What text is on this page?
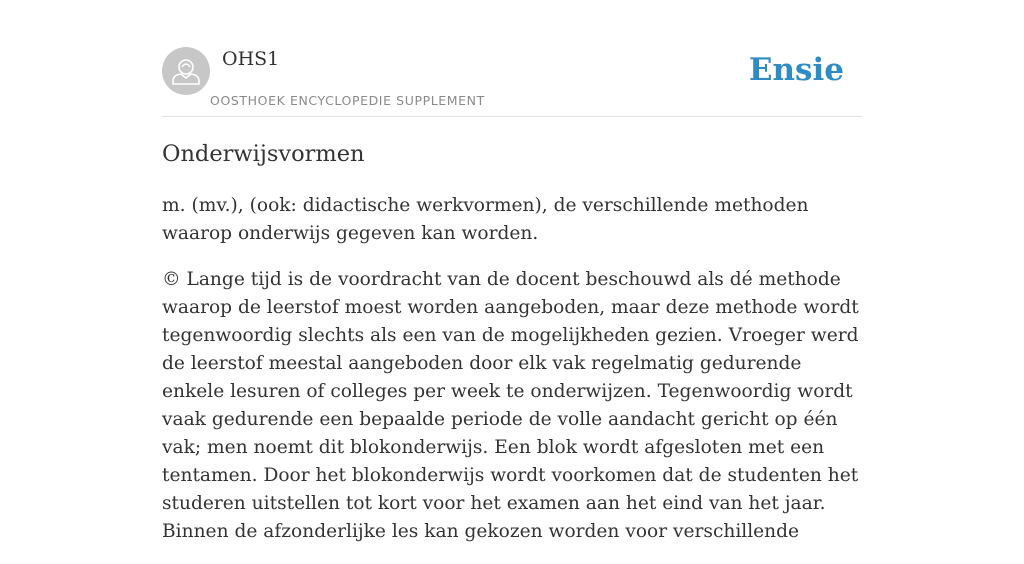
OHS1
OOSTHOEK ENCYCLOPEDIE SUPPLEMENT
Ensie
Onderwijsvormen

m. (mv.), (ook: didactische werkvormen), de verschillende methoden waarop onderwijs gegeven kan worden.

© Lange tijd is de voordracht van de docent beschouwd als dé methode waarop de leerstof moest worden aangeboden, maar deze methode wordt tegenwoordig slechts als een van de mogelijkheden gezien. Vroeger werd de leerstof meestal aangeboden door elk vak regelmatig gedurende enkele lesuren of colleges per week te onderwijzen. Tegenwoordig wordt vaak gedurende een bepaalde periode de volle aandacht gericht op één vak; men noemt dit blokonderwijs. Een blok wordt afgesloten met een tentamen. Door het blokonderwijs wordt voorkomen dat de studenten het studeren uitstellen tot kort voor het examen aan het eind van het jaar. Binnen de afzonderlijke les kan gekozen worden voor verschillende
